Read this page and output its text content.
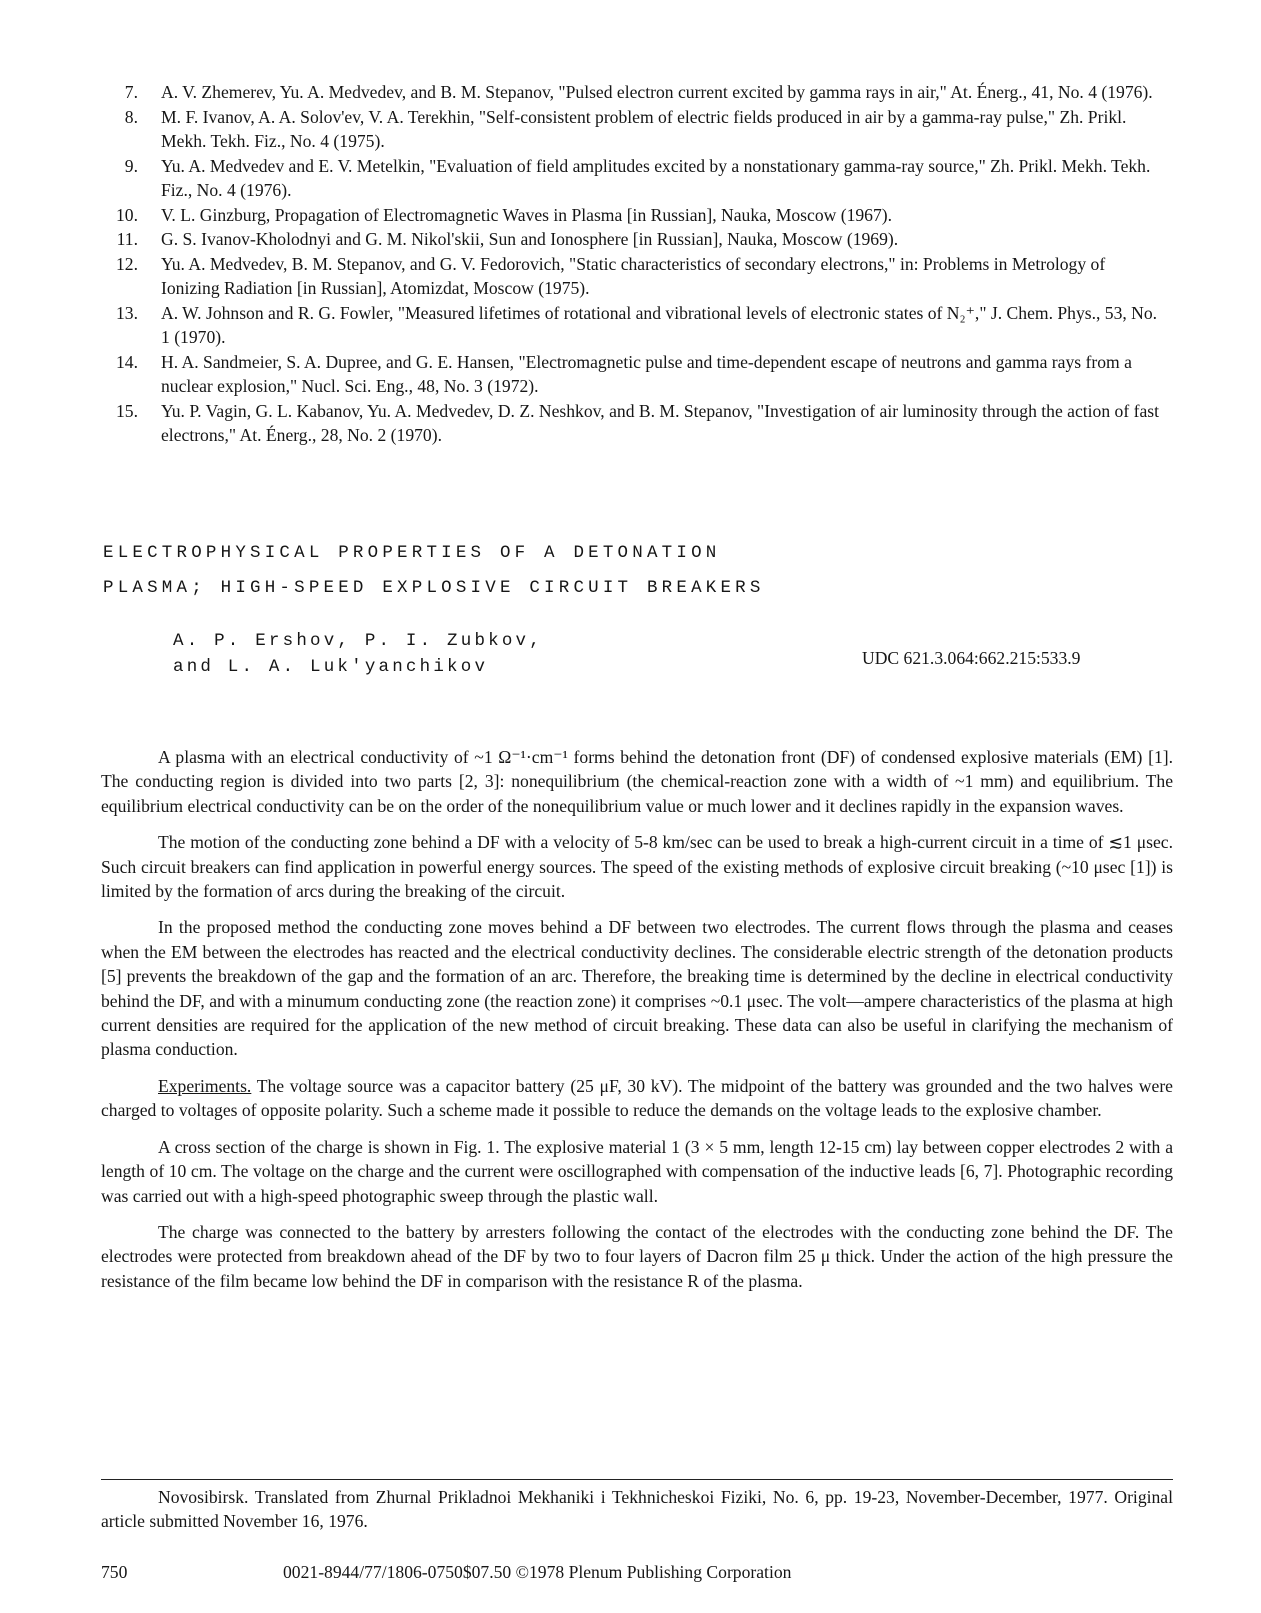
7. A. V. Zhemerev, Yu. A. Medvedev, and B. M. Stepanov, "Pulsed electron current excited by gamma rays in air," At. Énerg., 41, No. 4 (1976).
8. M. F. Ivanov, A. A. Solov'ev, V. A. Terekhin, "Self-consistent problem of electric fields produced in air by a gamma-ray pulse," Zh. Prikl. Mekh. Tekh. Fiz., No. 4 (1975).
9. Yu. A. Medvedev and E. V. Metelkin, "Evaluation of field amplitudes excited by a nonstationary gamma-ray source," Zh. Prikl. Mekh. Tekh. Fiz., No. 4 (1976).
10. V. L. Ginzburg, Propagation of Electromagnetic Waves in Plasma [in Russian], Nauka, Moscow (1967).
11. G. S. Ivanov-Kholodnyi and G. M. Nikol'skii, Sun and Ionosphere [in Russian], Nauka, Moscow (1969).
12. Yu. A. Medvedev, B. M. Stepanov, and G. V. Fedorovich, "Static characteristics of secondary electrons," in: Problems in Metrology of Ionizing Radiation [in Russian], Atomizdat, Moscow (1975).
13. A. W. Johnson and R. G. Fowler, "Measured lifetimes of rotational and vibrational levels of electronic states of N₂⁺," J. Chem. Phys., 53, No. 1 (1970).
14. H. A. Sandmeier, S. A. Dupree, and G. E. Hansen, "Electromagnetic pulse and time-dependent escape of neutrons and gamma rays from a nuclear explosion," Nucl. Sci. Eng., 48, No. 3 (1972).
15. Yu. P. Vagin, G. L. Kabanov, Yu. A. Medvedev, D. Z. Neshkov, and B. M. Stepanov, "Investigation of air luminosity through the action of fast electrons," At. Énerg., 28, No. 2 (1970).
ELECTROPHYSICAL PROPERTIES OF A DETONATION
PLASMA; HIGH-SPEED EXPLOSIVE CIRCUIT BREAKERS
A. P. Ershov, P. I. Zubkov,
and L. A. Luk'yanchikov	UDC 621.3.064:662.215:533.9

A plasma with an electrical conductivity of ~1 Ω⁻¹·cm⁻¹ forms behind the detonation front (DF) of condensed explosive materials (EM) [1]. The conducting region is divided into two parts [2, 3]: nonequilibrium (the chemical-reaction zone with a width of ~1 mm) and equilibrium. The equilibrium electrical conductivity can be on the order of the nonequilibrium value or much lower and it declines rapidly in the expansion waves.

The motion of the conducting zone behind a DF with a velocity of 5-8 km/sec can be used to break a high-current circuit in a time of ≲1 μsec. Such circuit breakers can find application in powerful energy sources. The speed of the existing methods of explosive circuit breaking (~10 μsec [1]) is limited by the formation of arcs during the breaking of the circuit.

In the proposed method the conducting zone moves behind a DF between two electrodes. The current flows through the plasma and ceases when the EM between the electrodes has reacted and the electrical conductivity declines. The considerable electric strength of the detonation products [5] prevents the breakdown of the gap and the formation of an arc. Therefore, the breaking time is determined by the decline in electrical conductivity behind the DF, and with a minumum conducting zone (the reaction zone) it comprises ~0.1 μsec. The volt—ampere characteristics of the plasma at high current densities are required for the application of the new method of circuit breaking. These data can also be useful in clarifying the mechanism of plasma conduction.

Experiments. The voltage source was a capacitor battery (25 μF, 30 kV). The midpoint of the battery was grounded and the two halves were charged to voltages of opposite polarity. Such a scheme made it possible to reduce the demands on the voltage leads to the explosive chamber.

A cross section of the charge is shown in Fig. 1. The explosive material 1 (3 × 5 mm, length 12-15 cm) lay between copper electrodes 2 with a length of 10 cm. The voltage on the charge and the current were oscillographed with compensation of the inductive leads [6, 7]. Photographic recording was carried out with a high-speed photographic sweep through the plastic wall.

The charge was connected to the battery by arresters following the contact of the electrodes with the conducting zone behind the DF. The electrodes were protected from breakdown ahead of the DF by two to four layers of Dacron film 25 μ thick. Under the action of the high pressure the resistance of the film became low behind the DF in comparison with the resistance R of the plasma.

Novosibirsk. Translated from Zhurnal Prikladnoi Mekhaniki i Tekhnicheskoi Fiziki, No. 6, pp. 19-23, November-December, 1977. Original article submitted November 16, 1976.

750	0021-8944/77/1806-0750$07.50 ©1978 Plenum Publishing Corporation
